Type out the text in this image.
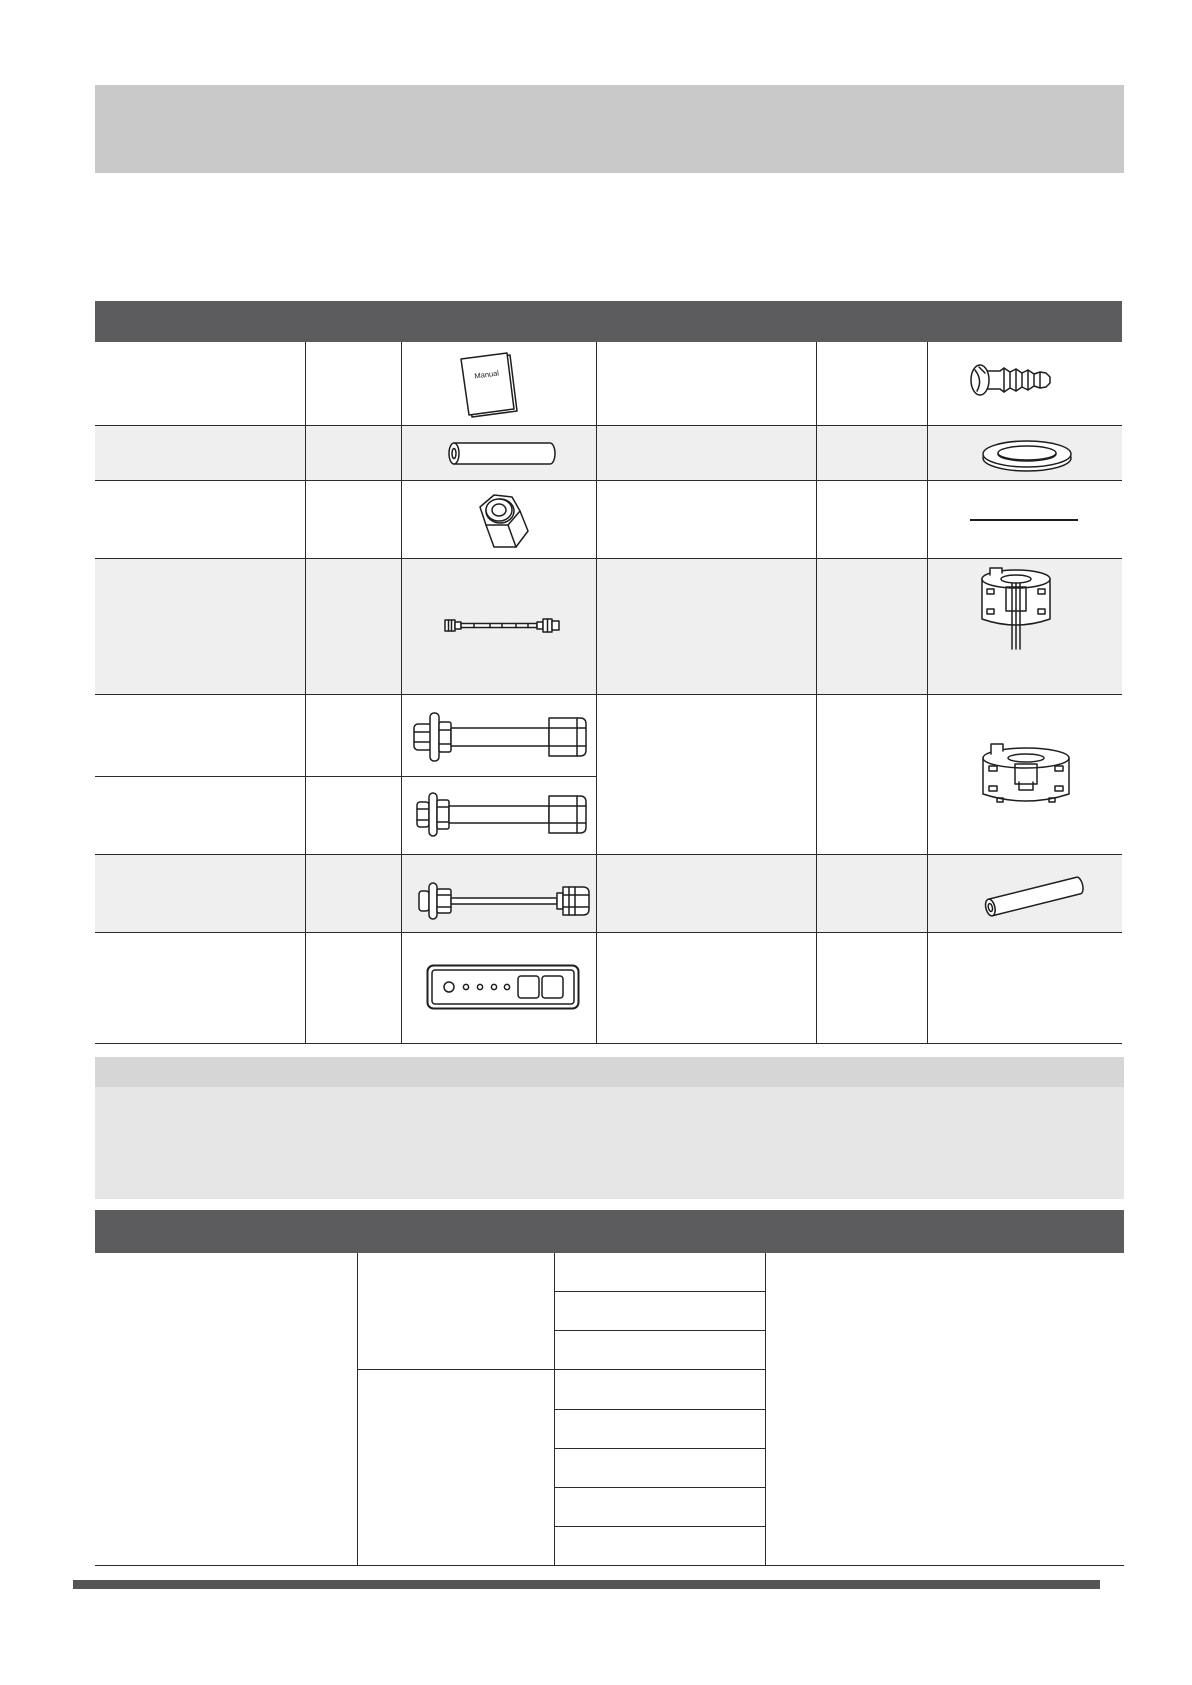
Manual
